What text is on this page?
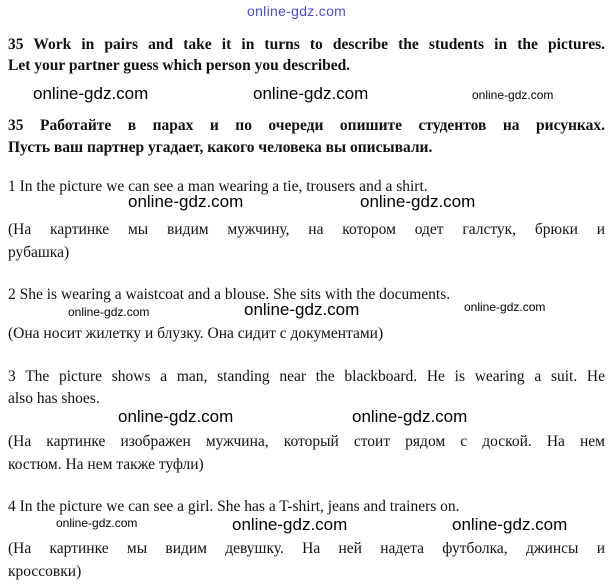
online-gdz.com
35 Work in pairs and take it in turns to describe the students in the pictures.
Let your partner guess which person you described.
online-gdz.com	online-gdz.com	online-gdz.com
35 Работайте в парах и по очереди опишите студентов на рисунках.
Пусть ваш партнер угадает, какого человека вы описывали.
1 In the picture we can see a man wearing a tie, trousers and a shirt.
online-gdz.com	online-gdz.com
(На картинке мы видим мужчину, на котором одет галстук, брюки и
рубашка)
2 She is wearing a waistcoat and a blouse. She sits with the documents.
online-gdz.com	online-gdz.com	online-gdz.com
(Она носит жилетку и блузку. Она сидит с документами)
3 The picture shows a man, standing near the blackboard. He is wearing a suit. He
also has shoes.
online-gdz.com	online-gdz.com
(На картинке изображен мужчина, который стоит рядом с доской. На нем
костюм. На нем также туфли)
4 In the picture we can see a girl. She has a T-shirt, jeans and trainers on.
online-gdz.com	online-gdz.com	online-gdz.com
(На картинке мы видим девушку. На ней надета футболка, джинсы и
кроссовки)
